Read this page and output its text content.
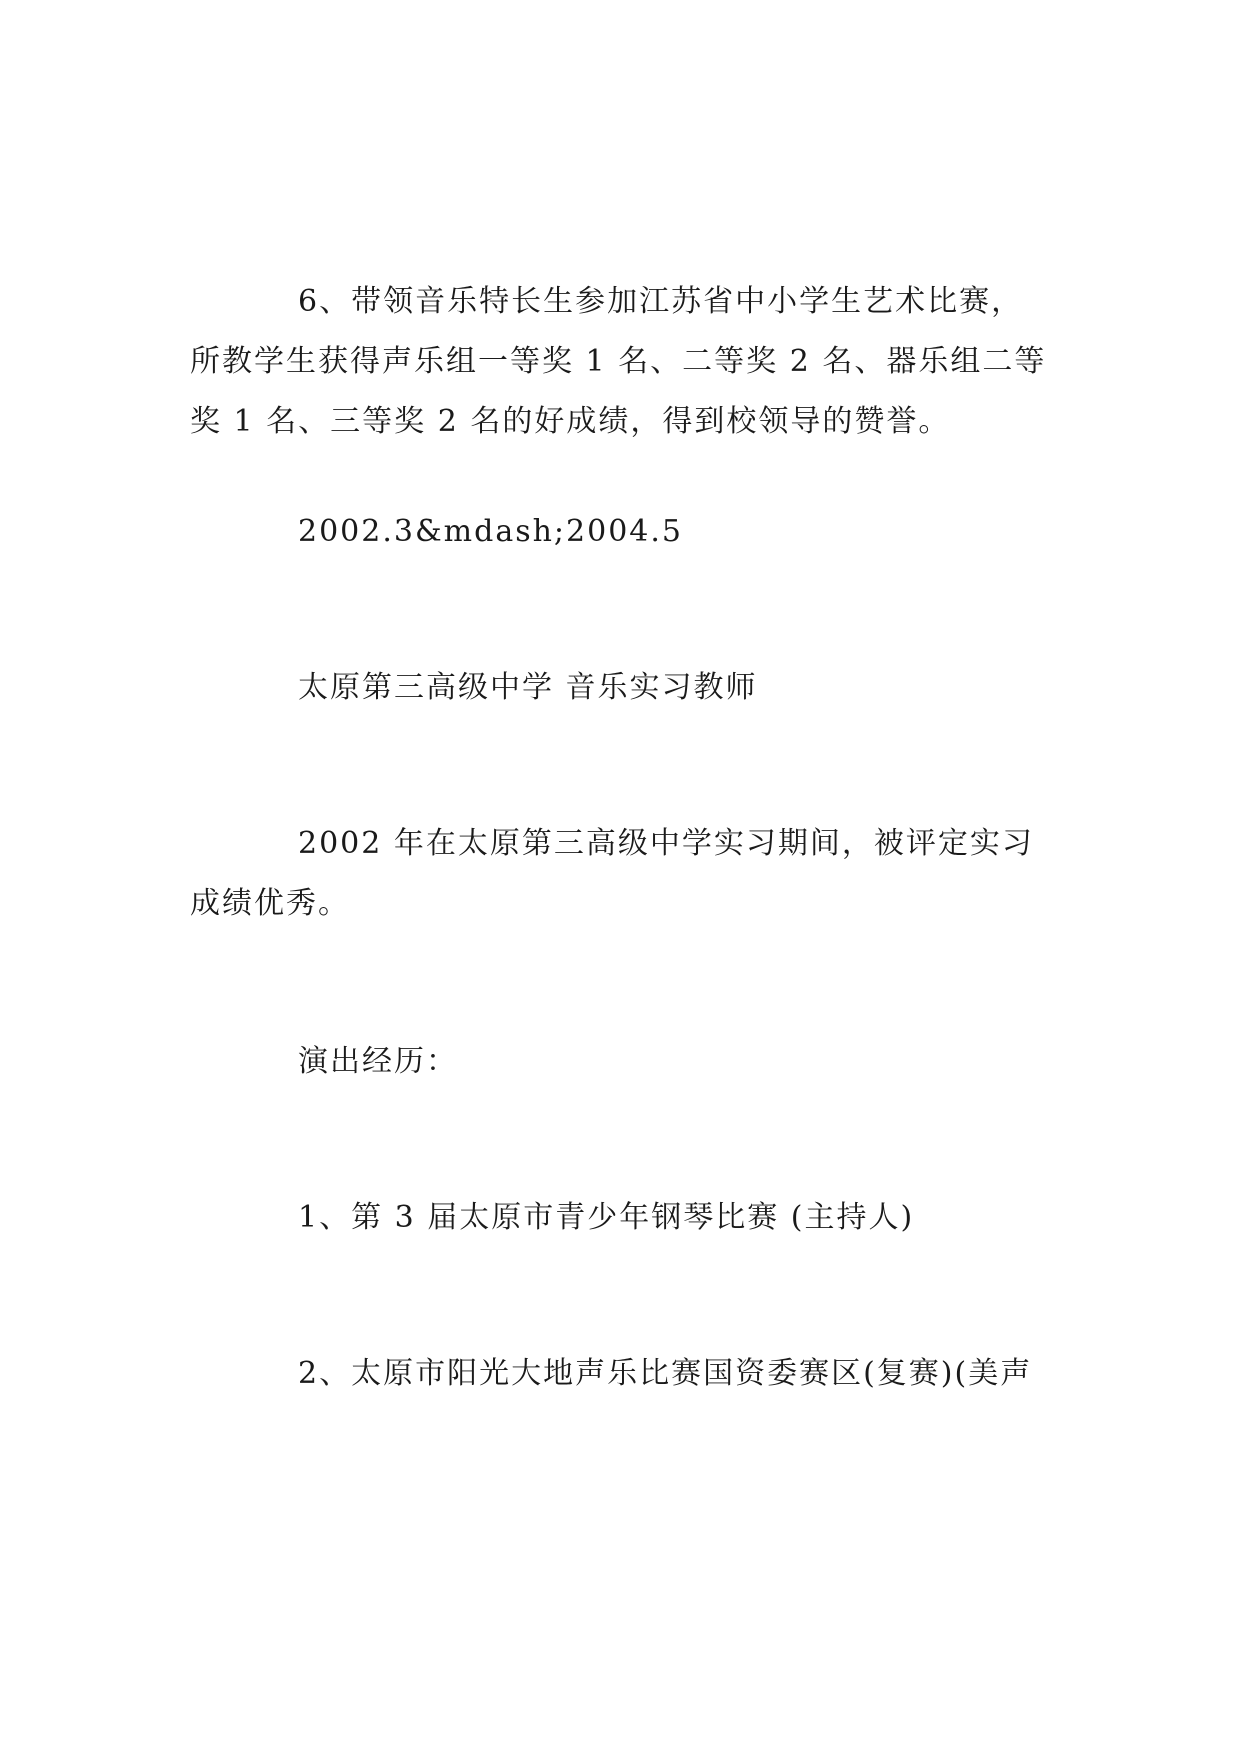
6、带领音乐特长生参加江苏省中小学生艺术比赛，所教学生获得声乐组一等奖 1 名、二等奖 2 名、器乐组二等奖 1 名、三等奖 2 名的好成绩，得到校领导的赞誉。

2002.3&mdash;2004.5

太原第三高级中学 音乐实习教师

2002 年在太原第三高级中学实习期间，被评定实习成绩优秀。

演出经历：

1、第 3 届太原市青少年钢琴比赛 (主持人)

2、太原市阳光大地声乐比赛国资委赛区(复赛)(美声
